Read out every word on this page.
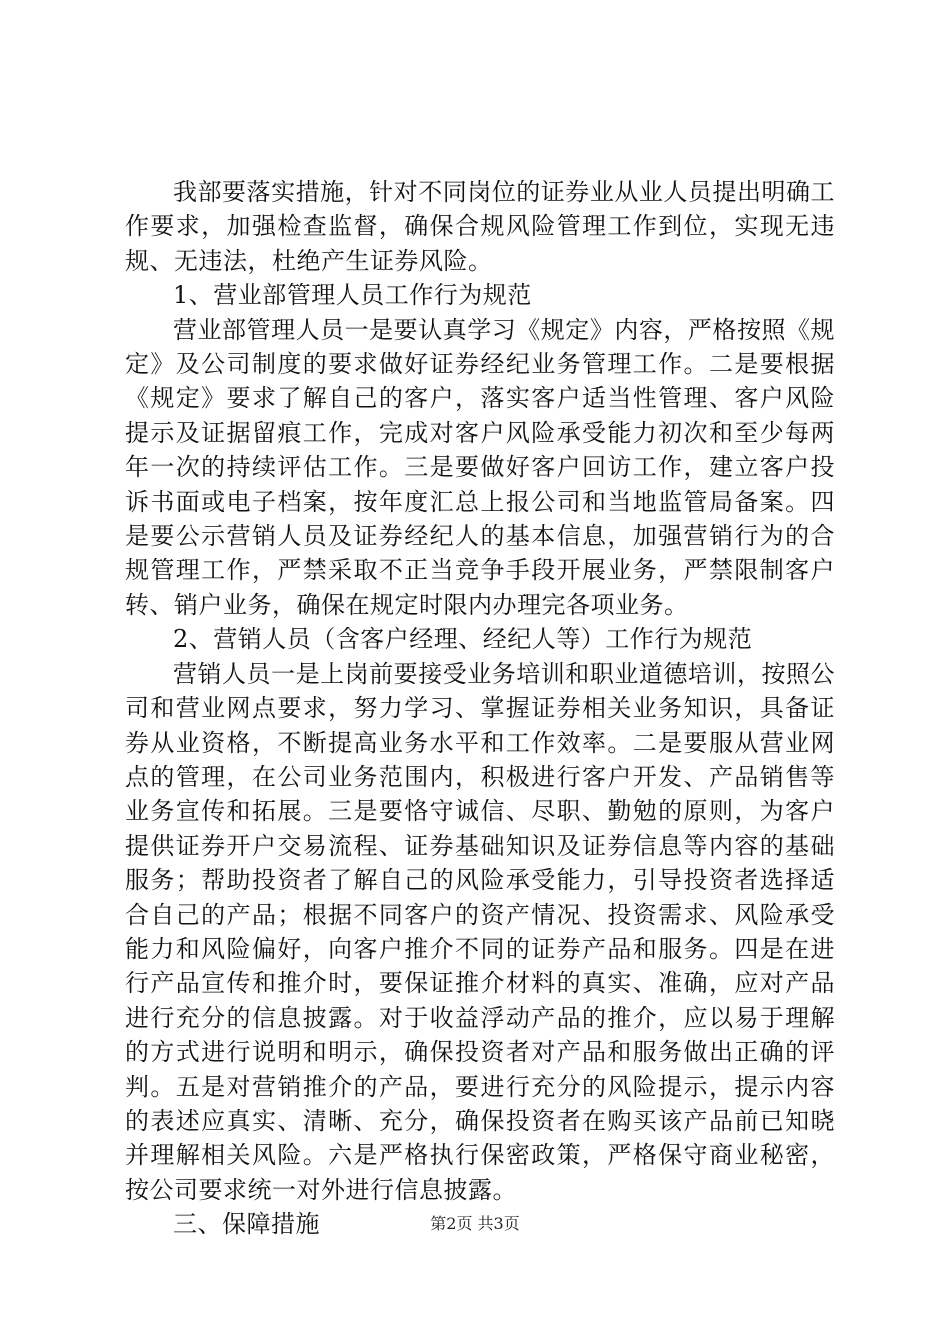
我部要落实措施，针对不同岗位的证券业从业人员提出明确工作要求，加强检查监督，确保合规风险管理工作到位，实现无违规、无违法，杜绝产生证券风险。

1、营业部管理人员工作行为规范

营业部管理人员一是要认真学习《规定》内容，严格按照《规定》及公司制度的要求做好证券经纪业务管理工作。二是要根据《规定》要求了解自己的客户，落实客户适当性管理、客户风险提示及证据留痕工作，完成对客户风险承受能力初次和至少每两年一次的持续评估工作。三是要做好客户回访工作，建立客户投诉书面或电子档案，按年度汇总上报公司和当地监管局备案。四是要公示营销人员及证券经纪人的基本信息，加强营销行为的合规管理工作，严禁采取不正当竞争手段开展业务，严禁限制客户转、销户业务，确保在规定时限内办理完各项业务。

2、营销人员（含客户经理、经纪人等）工作行为规范

营销人员一是上岗前要接受业务培训和职业道德培训，按照公司和营业网点要求，努力学习、掌握证券相关业务知识，具备证券从业资格，不断提高业务水平和工作效率。二是要服从营业网点的管理，在公司业务范围内，积极进行客户开发、产品销售等业务宣传和拓展。三是要恪守诚信、尽职、勤勉的原则，为客户提供证券开户交易流程、证券基础知识及证券信息等内容的基础服务；帮助投资者了解自己的风险承受能力，引导投资者选择适合自己的产品；根据不同客户的资产情况、投资需求、风险承受能力和风险偏好，向客户推介不同的证券产品和服务。四是在进行产品宣传和推介时，要保证推介材料的真实、准确，应对产品进行充分的信息披露。对于收益浮动产品的推介，应以易于理解的方式进行说明和明示，确保投资者对产品和服务做出正确的评判。五是对营销推介的产品，要进行充分的风险提示，提示内容的表述应真实、清晰、充分，确保投资者在购买该产品前已知晓并理解相关风险。六是严格执行保密政策，严格保守商业秘密，按公司要求统一对外进行信息披露。

三、保障措施	第2页 共3页
